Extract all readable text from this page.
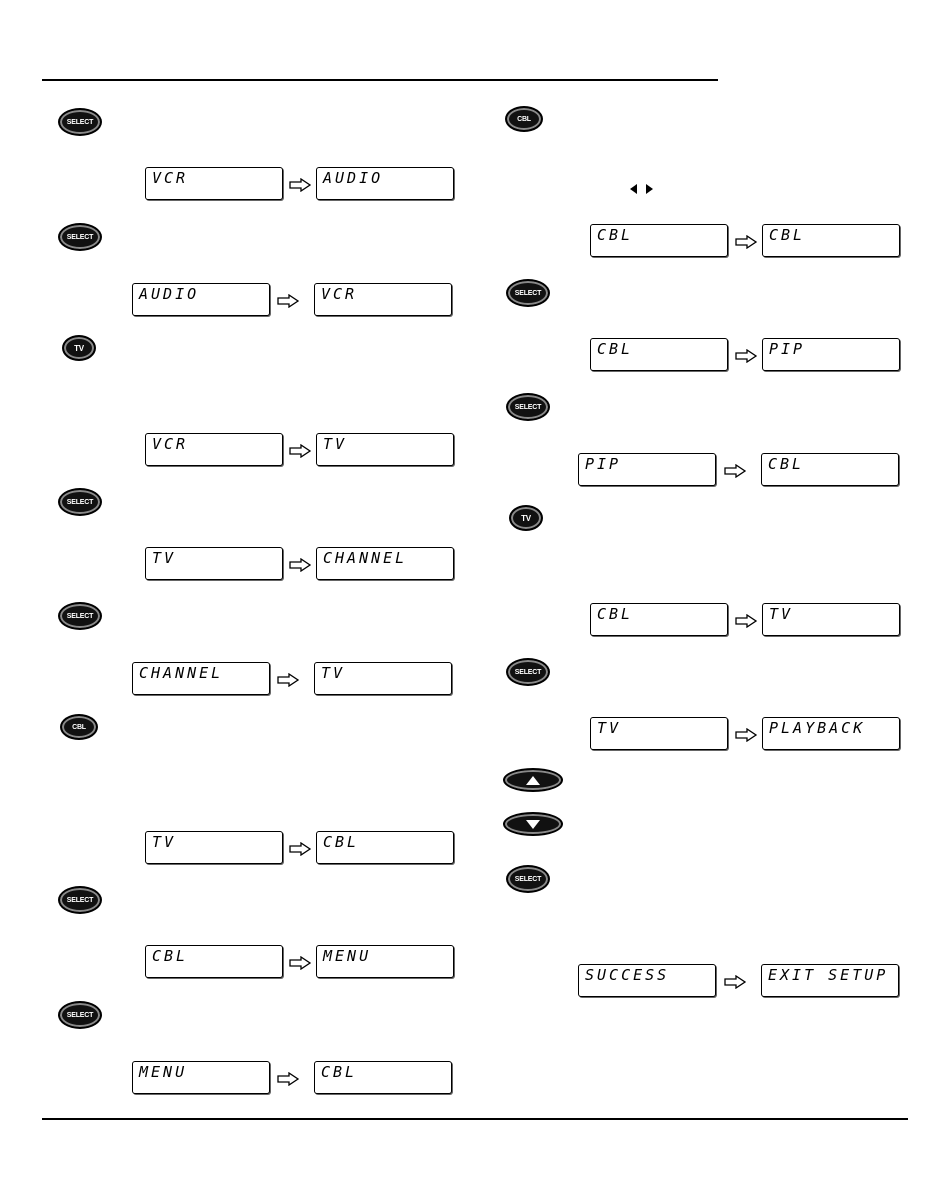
SELECT
VCR	AUDIO
SELECT
AUDIO	VCR
TV
VCR	TV
SELECT
TV	CHANNEL
SELECT
CHANNEL	TV
CBL
TV	CBL
SELECT
CBL	MENU
SELECT
MENU	CBL
CBL
CBL	CBL
SELECT
CBL	PIP
SELECT
PIP	CBL
TV
CBL	TV
SELECT
TV	PLAYBACK
SELECT
SUCCESS	EXIT SETUP
